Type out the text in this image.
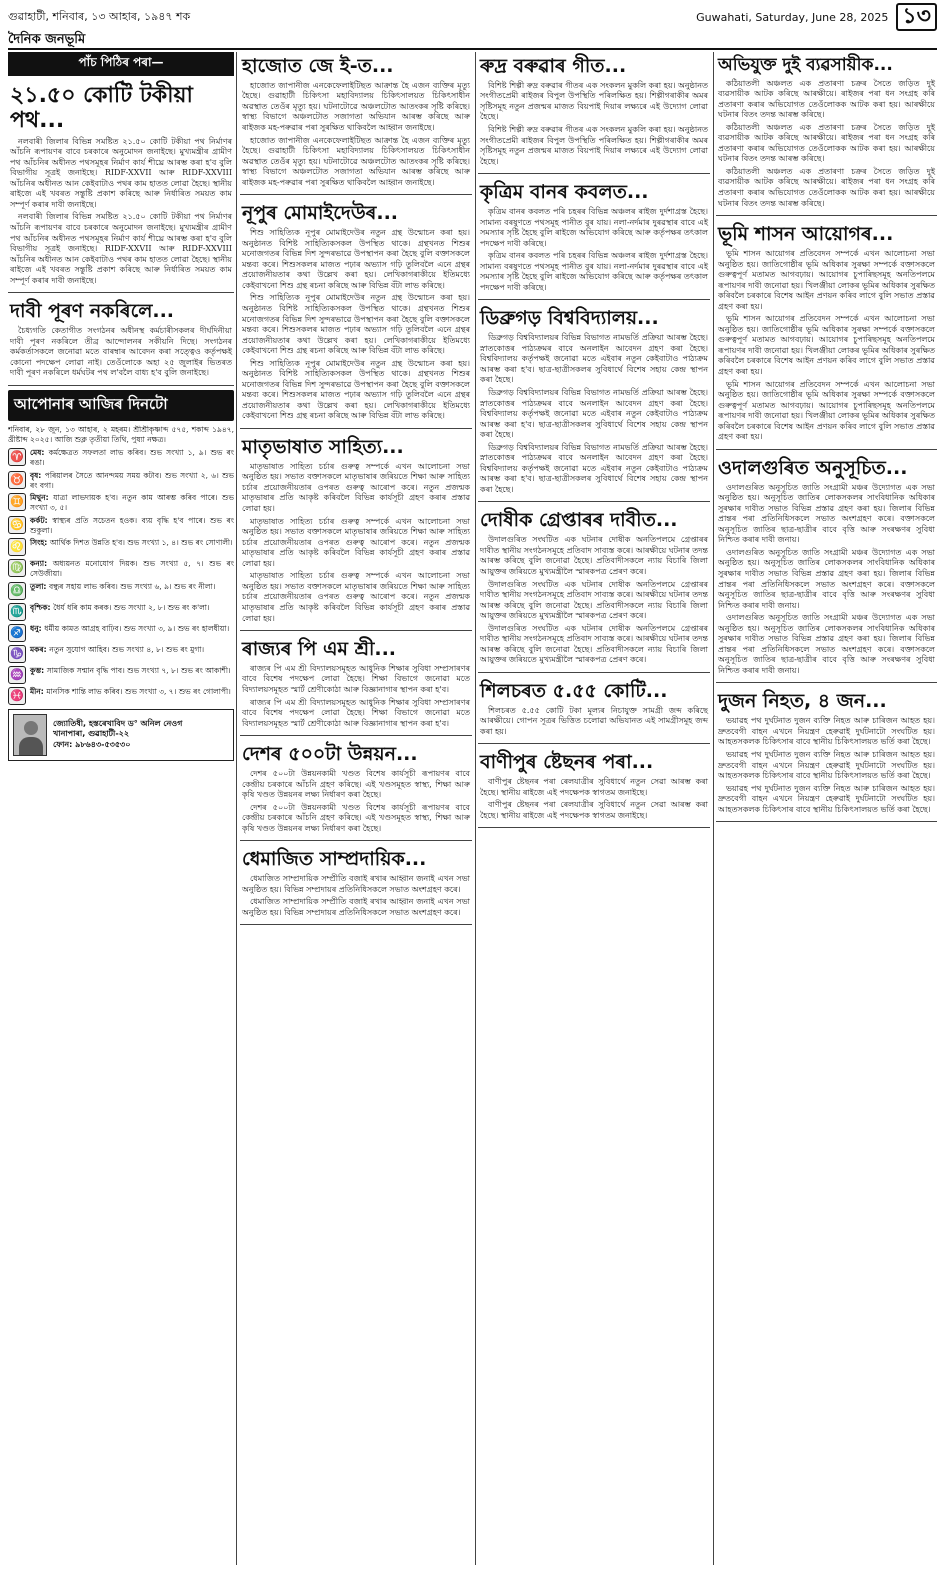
গুৱাহাটী, শনিবাৰ, ১৩ আহাৰ, ১৯৪৭ শক	Guwahati, Saturday, June 28, 2025 ১৩
দৈনিক জনভূমি
পাঁচ পিঠিৰ পৰা—
২১.৫০ কোটি টকীয়া পথ...

নলবাৰী জিলাৰ বিভিন্ন সমষ্টিত ২১.৫০ কোটি টকীয়া পথ নিৰ্মাণৰ আঁচনি ৰূপায়ণৰ বাবে চৰকাৰে অনুমোদন জনাইছে। মুখ্যমন্ত্ৰীৰ গ্ৰামীণ পথ আঁচনিৰ অধীনত পথসমূহৰ নিৰ্মাণ কাৰ্য শীঘ্ৰে আৰম্ভ কৰা হ'ব বুলি বিভাগীয় সূত্ৰই জনাইছে। RIDF-XXVII আৰু RIDF-XXVIII আঁচনিৰ অধীনত আন কেইবাটাও পথৰ কাম হাতত লোৱা হৈছে। স্থানীয় ৰাইজে এই খবৰত সন্তুষ্টি প্ৰকাশ কৰিছে আৰু নিৰ্ধাৰিত সময়ত কাম সম্পূৰ্ণ কৰাৰ দাবী জনাইছে।

নলবাৰী জিলাৰ বিভিন্ন সমষ্টিত ২১.৫০ কোটি টকীয়া পথ নিৰ্মাণৰ আঁচনি ৰূপায়ণৰ বাবে চৰকাৰে অনুমোদন জনাইছে। মুখ্যমন্ত্ৰীৰ গ্ৰামীণ পথ আঁচনিৰ অধীনত পথসমূহৰ নিৰ্মাণ কাৰ্য শীঘ্ৰে আৰম্ভ কৰা হ'ব বুলি বিভাগীয় সূত্ৰই জনাইছে। RIDF-XXVII আৰু RIDF-XXVIII আঁচনিৰ অধীনত আন কেইবাটাও পথৰ কাম হাতত লোৱা হৈছে। স্থানীয় ৰাইজে এই খবৰত সন্তুষ্টি প্ৰকাশ কৰিছে আৰু নিৰ্ধাৰিত সময়ত কাম সম্পূৰ্ণ কৰাৰ দাবী জনাইছে।

দাবী পূৰণ নকৰিলে...

চৈধ্যগতি কেতাগীত সংগঠনৰ অধীনস্থ কৰ্মচাৰীসকলৰ দীৰ্ঘদিনীয়া দাবী পূৰণ নকৰিলে তীব্ৰ আন্দোলনৰ সকীয়নি দিছে। সংগঠনৰ কৰ্মকৰ্তাসকলে জনোৱা মতে বাৰম্বাৰ আবেদন কৰা সত্ত্বেও কৰ্তৃপক্ষই কোনো পদক্ষেপ লোৱা নাই। তেওঁলোকে অহা ২৫ জুলাইৰ ভিতৰত দাবী পূৰণ নকৰিলে ধৰ্মঘটৰ পথ ল'বলৈ বাধ্য হ'ব বুলি জনাইছে।

আপোনাৰ আজিৰ দিনটো
শনিবাৰ, ২৮ জুন, ১৩ আহাৰ, ২ মহৰম। শ্ৰীশ্ৰীকৃষ্ণাব্দ ৫৭৫, শকাব্দ ১৯৪৭, খ্ৰীষ্টাব্দ ২০২৫। আজি শুক্ল তৃতীয়া তিথি, পুষ্যা নক্ষত্ৰ।
♈ মেষ: কৰ্মক্ষেত্ৰত সফলতা লাভ কৰিব। শুভ সংখ্যা ১, ৯। শুভ ৰং ৰঙা।
♉ বৃষ: পৰিয়ালৰ সৈতে আনন্দময় সময় কটাব। শুভ সংখ্যা ২, ৬। শুভ ৰং বগা।
♊ মিথুন: যাত্ৰা লাভদায়ক হ'ব। নতুন কাম আৰম্ভ কৰিব পাৰে। শুভ সংখ্যা ৩, ৫।
♋ কৰ্কট: স্বাস্থ্যৰ প্ৰতি সচেতন হওক। ব্যয় বৃদ্ধি হ'ব পাৰে। শুভ ৰং শুকুলা।
♌ সিংহ: আৰ্থিক দিশত উন্নতি হ'ব। শুভ সংখ্যা ১, ৪। শুভ ৰং সোণালী।
♍ কন্যা: অধ্যয়নত মনোযোগ দিয়ক। শুভ সংখ্যা ৫, ৭। শুভ ৰং সেউজীয়া।
♎ তুলা: বন্ধুৰ সহায় লাভ কৰিব। শুভ সংখ্যা ৬, ৯। শুভ ৰং নীলা।
♏ বৃশ্চিক: ধৈৰ্য ধৰি কাম কৰক। শুভ সংখ্যা ২, ৮। শুভ ৰং ক'লা।
♐ ধনু: ধৰ্মীয় কামত আগ্ৰহ বাঢ়িব। শুভ সংখ্যা ৩, ৯। শুভ ৰং হালধীয়া।
♑ মকৰ: নতুন সুযোগ আহিব। শুভ সংখ্যা ৪, ৮। শুভ ৰং মুগা।
♒ কুম্ভ: সামাজিক সন্মান বৃদ্ধি পাব। শুভ সংখ্যা ৭, ৮। শুভ ৰং আকাশী।
♓ মীন: মানসিক শান্তি লাভ কৰিব। শুভ সংখ্যা ৩, ৭। শুভ ৰং গোলাপী।
জ্যোতিষী, হস্তৰেখাবিদ ড° অনিল নেওগ
খানাপাৰা, গুৱাহাটী-২২
ফোন: ৯৮৬৪৩-৫৩৫৩০
হাজোত জে ই-ত...

হাজোত জাপানীজ এনকেফেলাইটিছত আক্ৰান্ত হৈ এজন ব্যক্তিৰ মৃত্যু হৈছে। গুৱাহাটী চিকিৎসা মহাবিদ্যালয় চিকিৎসালয়ত চিকিৎসাধীন অৱস্থাত তেওঁৰ মৃত্যু হয়। ঘটনাটোৱে অঞ্চলটোত আতংকৰ সৃষ্টি কৰিছে। স্বাস্থ্য বিভাগে অঞ্চলটোত সজাগতা অভিযান আৰম্ভ কৰিছে আৰু ৰাইজক মহ-পৰুৱাৰ পৰা সুৰক্ষিত থাকিবলৈ আহ্বান জনাইছে।

হাজোত জাপানীজ এনকেফেলাইটিছত আক্ৰান্ত হৈ এজন ব্যক্তিৰ মৃত্যু হৈছে। গুৱাহাটী চিকিৎসা মহাবিদ্যালয় চিকিৎসালয়ত চিকিৎসাধীন অৱস্থাত তেওঁৰ মৃত্যু হয়। ঘটনাটোৱে অঞ্চলটোত আতংকৰ সৃষ্টি কৰিছে। স্বাস্থ্য বিভাগে অঞ্চলটোত সজাগতা অভিযান আৰম্ভ কৰিছে আৰু ৰাইজক মহ-পৰুৱাৰ পৰা সুৰক্ষিত থাকিবলৈ আহ্বান জনাইছে।

নূপুৰ মোমাইদেউৰ...

শিশু সাহিত্যিক নূপুৰ মোমাইদেউৰ নতুন গ্ৰন্থ উন্মোচন কৰা হয়। অনুষ্ঠানত বিশিষ্ট সাহিত্যিকসকল উপস্থিত থাকে। গ্ৰন্থখনত শিশুৰ মনোজগতৰ বিভিন্ন দিশ সুন্দৰভাৱে উপস্থাপন কৰা হৈছে বুলি বক্তাসকলে মন্তব্য কৰে। শিশুসকলৰ মাজত পঢ়াৰ অভ্যাস গঢ়ি তুলিবলৈ এনে গ্ৰন্থৰ প্ৰয়োজনীয়তাৰ কথা উল্লেখ কৰা হয়। লেখিকাগৰাকীয়ে ইতিমধ্যে কেইবাখনো শিশু গ্ৰন্থ ৰচনা কৰিছে আৰু বিভিন্ন বঁটা লাভ কৰিছে।

শিশু সাহিত্যিক নূপুৰ মোমাইদেউৰ নতুন গ্ৰন্থ উন্মোচন কৰা হয়। অনুষ্ঠানত বিশিষ্ট সাহিত্যিকসকল উপস্থিত থাকে। গ্ৰন্থখনত শিশুৰ মনোজগতৰ বিভিন্ন দিশ সুন্দৰভাৱে উপস্থাপন কৰা হৈছে বুলি বক্তাসকলে মন্তব্য কৰে। শিশুসকলৰ মাজত পঢ়াৰ অভ্যাস গঢ়ি তুলিবলৈ এনে গ্ৰন্থৰ প্ৰয়োজনীয়তাৰ কথা উল্লেখ কৰা হয়। লেখিকাগৰাকীয়ে ইতিমধ্যে কেইবাখনো শিশু গ্ৰন্থ ৰচনা কৰিছে আৰু বিভিন্ন বঁটা লাভ কৰিছে।

শিশু সাহিত্যিক নূপুৰ মোমাইদেউৰ নতুন গ্ৰন্থ উন্মোচন কৰা হয়। অনুষ্ঠানত বিশিষ্ট সাহিত্যিকসকল উপস্থিত থাকে। গ্ৰন্থখনত শিশুৰ মনোজগতৰ বিভিন্ন দিশ সুন্দৰভাৱে উপস্থাপন কৰা হৈছে বুলি বক্তাসকলে মন্তব্য কৰে। শিশুসকলৰ মাজত পঢ়াৰ অভ্যাস গঢ়ি তুলিবলৈ এনে গ্ৰন্থৰ প্ৰয়োজনীয়তাৰ কথা উল্লেখ কৰা হয়। লেখিকাগৰাকীয়ে ইতিমধ্যে কেইবাখনো শিশু গ্ৰন্থ ৰচনা কৰিছে আৰু বিভিন্ন বঁটা লাভ কৰিছে।

মাতৃভাষাত সাহিত্য...

মাতৃভাষাত সাহিত্য চৰ্চাৰ গুৰুত্ব সম্পৰ্কে এখন আলোচনা সভা অনুষ্ঠিত হয়। সভাত বক্তাসকলে মাতৃভাষাৰ জৰিয়তে শিক্ষা আৰু সাহিত্য চৰ্চাৰ প্ৰয়োজনীয়তাৰ ওপৰত গুৰুত্ব আৰোপ কৰে। নতুন প্ৰজন্মক মাতৃভাষাৰ প্ৰতি আকৃষ্ট কৰিবলৈ বিভিন্ন কাৰ্যসূচী গ্ৰহণ কৰাৰ প্ৰস্তাৱ লোৱা হয়।

মাতৃভাষাত সাহিত্য চৰ্চাৰ গুৰুত্ব সম্পৰ্কে এখন আলোচনা সভা অনুষ্ঠিত হয়। সভাত বক্তাসকলে মাতৃভাষাৰ জৰিয়তে শিক্ষা আৰু সাহিত্য চৰ্চাৰ প্ৰয়োজনীয়তাৰ ওপৰত গুৰুত্ব আৰোপ কৰে। নতুন প্ৰজন্মক মাতৃভাষাৰ প্ৰতি আকৃষ্ট কৰিবলৈ বিভিন্ন কাৰ্যসূচী গ্ৰহণ কৰাৰ প্ৰস্তাৱ লোৱা হয়।

মাতৃভাষাত সাহিত্য চৰ্চাৰ গুৰুত্ব সম্পৰ্কে এখন আলোচনা সভা অনুষ্ঠিত হয়। সভাত বক্তাসকলে মাতৃভাষাৰ জৰিয়তে শিক্ষা আৰু সাহিত্য চৰ্চাৰ প্ৰয়োজনীয়তাৰ ওপৰত গুৰুত্ব আৰোপ কৰে। নতুন প্ৰজন্মক মাতৃভাষাৰ প্ৰতি আকৃষ্ট কৰিবলৈ বিভিন্ন কাৰ্যসূচী গ্ৰহণ কৰাৰ প্ৰস্তাৱ লোৱা হয়।

ৰাজ্যৰ পি এম শ্ৰী...

ৰাজ্যৰ পি এম শ্ৰী বিদ্যালয়সমূহত আধুনিক শিক্ষাৰ সুবিধা সম্প্ৰসাৰণৰ বাবে বিশেষ পদক্ষেপ লোৱা হৈছে। শিক্ষা বিভাগে জনোৱা মতে বিদ্যালয়সমূহত স্মাৰ্ট শ্ৰেণীকোঠা আৰু বিজ্ঞানাগাৰ স্থাপন কৰা হ'ব।

ৰাজ্যৰ পি এম শ্ৰী বিদ্যালয়সমূহত আধুনিক শিক্ষাৰ সুবিধা সম্প্ৰসাৰণৰ বাবে বিশেষ পদক্ষেপ লোৱা হৈছে। শিক্ষা বিভাগে জনোৱা মতে বিদ্যালয়সমূহত স্মাৰ্ট শ্ৰেণীকোঠা আৰু বিজ্ঞানাগাৰ স্থাপন কৰা হ'ব।

দেশৰ ৫০০টা উন্নয়ন...

দেশৰ ৫০০টা উন্নয়নকামী খণ্ডত বিশেষ কাৰ্যসূচী ৰূপায়ণৰ বাবে কেন্দ্ৰীয় চৰকাৰে আঁচনি গ্ৰহণ কৰিছে। এই খণ্ডসমূহত স্বাস্থ্য, শিক্ষা আৰু কৃষি খণ্ডত উন্নয়নৰ লক্ষ্য নিৰ্ধাৰণ কৰা হৈছে।

দেশৰ ৫০০টা উন্নয়নকামী খণ্ডত বিশেষ কাৰ্যসূচী ৰূপায়ণৰ বাবে কেন্দ্ৰীয় চৰকাৰে আঁচনি গ্ৰহণ কৰিছে। এই খণ্ডসমূহত স্বাস্থ্য, শিক্ষা আৰু কৃষি খণ্ডত উন্নয়নৰ লক্ষ্য নিৰ্ধাৰণ কৰা হৈছে।

ধেমাজিত সাম্প্ৰদায়িক...

ধেমাজিত সাম্প্ৰদায়িক সম্প্ৰীতি বজাই ৰখাৰ আহ্বান জনাই এখন সভা অনুষ্ঠিত হয়। বিভিন্ন সম্প্ৰদায়ৰ প্ৰতিনিধিসকলে সভাত অংশগ্ৰহণ কৰে।

ধেমাজিত সাম্প্ৰদায়িক সম্প্ৰীতি বজাই ৰখাৰ আহ্বান জনাই এখন সভা অনুষ্ঠিত হয়। বিভিন্ন সম্প্ৰদায়ৰ প্ৰতিনিধিসকলে সভাত অংশগ্ৰহণ কৰে।

ৰুদ্ৰ বৰুৱাৰ গীত...

বিশিষ্ট শিল্পী ৰুদ্ৰ বৰুৱাৰ গীতৰ এক সংকলন মুকলি কৰা হয়। অনুষ্ঠানত সংগীতপ্ৰেমী ৰাইজৰ বিপুল উপস্থিতি পৰিলক্ষিত হয়। শিল্পীগৰাকীৰ অমৰ সৃষ্টিসমূহ নতুন প্ৰজন্মৰ মাজত বিয়পাই দিয়াৰ লক্ষ্যৰে এই উদ্যোগ লোৱা হৈছে।

বিশিষ্ট শিল্পী ৰুদ্ৰ বৰুৱাৰ গীতৰ এক সংকলন মুকলি কৰা হয়। অনুষ্ঠানত সংগীতপ্ৰেমী ৰাইজৰ বিপুল উপস্থিতি পৰিলক্ষিত হয়। শিল্পীগৰাকীৰ অমৰ সৃষ্টিসমূহ নতুন প্ৰজন্মৰ মাজত বিয়পাই দিয়াৰ লক্ষ্যৰে এই উদ্যোগ লোৱা হৈছে।

কৃত্ৰিম বানৰ কবলত...

কৃত্ৰিম বানৰ কবলত পৰি চহৰৰ বিভিন্ন অঞ্চলৰ ৰাইজ দুৰ্দশাগ্ৰস্ত হৈছে। সামান্য বৰষুণতে পথসমূহ পানীত বুৰ যায়। নলা-নৰ্দমাৰ দুৰৱস্থাৰ বাবে এই সমস্যাৰ সৃষ্টি হৈছে বুলি ৰাইজে অভিযোগ কৰিছে আৰু কৰ্তৃপক্ষৰ তৎকাল পদক্ষেপ দাবী কৰিছে।

কৃত্ৰিম বানৰ কবলত পৰি চহৰৰ বিভিন্ন অঞ্চলৰ ৰাইজ দুৰ্দশাগ্ৰস্ত হৈছে। সামান্য বৰষুণতে পথসমূহ পানীত বুৰ যায়। নলা-নৰ্দমাৰ দুৰৱস্থাৰ বাবে এই সমস্যাৰ সৃষ্টি হৈছে বুলি ৰাইজে অভিযোগ কৰিছে আৰু কৰ্তৃপক্ষৰ তৎকাল পদক্ষেপ দাবী কৰিছে।

ডিব্ৰুগড় বিশ্ববিদ্যালয়...

ডিব্ৰুগড় বিশ্ববিদ্যালয়ৰ বিভিন্ন বিভাগত নামভৰ্তি প্ৰক্ৰিয়া আৰম্ভ হৈছে। স্নাতকোত্তৰ পাঠ্যক্ৰমৰ বাবে অনলাইন আবেদন গ্ৰহণ কৰা হৈছে। বিশ্ববিদ্যালয় কৰ্তৃপক্ষই জনোৱা মতে এইবাৰ নতুন কেইবাটাও পাঠ্যক্ৰম আৰম্ভ কৰা হ'ব। ছাত্ৰ-ছাত্ৰীসকলৰ সুবিধাৰ্থে বিশেষ সহায় কেন্দ্ৰ স্থাপন কৰা হৈছে।

ডিব্ৰুগড় বিশ্ববিদ্যালয়ৰ বিভিন্ন বিভাগত নামভৰ্তি প্ৰক্ৰিয়া আৰম্ভ হৈছে। স্নাতকোত্তৰ পাঠ্যক্ৰমৰ বাবে অনলাইন আবেদন গ্ৰহণ কৰা হৈছে। বিশ্ববিদ্যালয় কৰ্তৃপক্ষই জনোৱা মতে এইবাৰ নতুন কেইবাটাও পাঠ্যক্ৰম আৰম্ভ কৰা হ'ব। ছাত্ৰ-ছাত্ৰীসকলৰ সুবিধাৰ্থে বিশেষ সহায় কেন্দ্ৰ স্থাপন কৰা হৈছে।

ডিব্ৰুগড় বিশ্ববিদ্যালয়ৰ বিভিন্ন বিভাগত নামভৰ্তি প্ৰক্ৰিয়া আৰম্ভ হৈছে। স্নাতকোত্তৰ পাঠ্যক্ৰমৰ বাবে অনলাইন আবেদন গ্ৰহণ কৰা হৈছে। বিশ্ববিদ্যালয় কৰ্তৃপক্ষই জনোৱা মতে এইবাৰ নতুন কেইবাটাও পাঠ্যক্ৰম আৰম্ভ কৰা হ'ব। ছাত্ৰ-ছাত্ৰীসকলৰ সুবিধাৰ্থে বিশেষ সহায় কেন্দ্ৰ স্থাপন কৰা হৈছে।

দোষীক গ্ৰেপ্তাৰৰ দাবীত...

উদালগুৰিত সংঘটিত এক ঘটনাৰ দোষীক অনতিপলমে গ্ৰেপ্তাৰৰ দাবীত স্থানীয় সংগঠনসমূহে প্ৰতিবাদ সাব্যস্ত কৰে। আৰক্ষীয়ে ঘটনাৰ তদন্ত আৰম্ভ কৰিছে বুলি জনোৱা হৈছে। প্ৰতিবাদীসকলে ন্যায় বিচাৰি জিলা আয়ুক্তৰ জৰিয়তে মুখ্যমন্ত্ৰীলৈ স্মাৰকপত্ৰ প্ৰেৰণ কৰে।

উদালগুৰিত সংঘটিত এক ঘটনাৰ দোষীক অনতিপলমে গ্ৰেপ্তাৰৰ দাবীত স্থানীয় সংগঠনসমূহে প্ৰতিবাদ সাব্যস্ত কৰে। আৰক্ষীয়ে ঘটনাৰ তদন্ত আৰম্ভ কৰিছে বুলি জনোৱা হৈছে। প্ৰতিবাদীসকলে ন্যায় বিচাৰি জিলা আয়ুক্তৰ জৰিয়তে মুখ্যমন্ত্ৰীলৈ স্মাৰকপত্ৰ প্ৰেৰণ কৰে।

উদালগুৰিত সংঘটিত এক ঘটনাৰ দোষীক অনতিপলমে গ্ৰেপ্তাৰৰ দাবীত স্থানীয় সংগঠনসমূহে প্ৰতিবাদ সাব্যস্ত কৰে। আৰক্ষীয়ে ঘটনাৰ তদন্ত আৰম্ভ কৰিছে বুলি জনোৱা হৈছে। প্ৰতিবাদীসকলে ন্যায় বিচাৰি জিলা আয়ুক্তৰ জৰিয়তে মুখ্যমন্ত্ৰীলৈ স্মাৰকপত্ৰ প্ৰেৰণ কৰে।

শিলচৰত ৫.৫৫ কোটি...

শিলচৰত ৫.৫৫ কোটি টকা মূল্যৰ নিচাযুক্ত সামগ্ৰী জব্দ কৰিছে আৰক্ষীয়ে। গোপন সূত্ৰৰ ভিত্তিত চলোৱা অভিযানত এই সামগ্ৰীসমূহ জব্দ কৰা হয়।

বাণীপুৰ ষ্টেছনৰ পৰা...

বাণীপুৰ ষ্টেছনৰ পৰা ৰেলযাত্ৰীৰ সুবিধাৰ্থে নতুন সেৱা আৰম্ভ কৰা হৈছে। স্থানীয় ৰাইজে এই পদক্ষেপক স্বাগতম জনাইছে।

বাণীপুৰ ষ্টেছনৰ পৰা ৰেলযাত্ৰীৰ সুবিধাৰ্থে নতুন সেৱা আৰম্ভ কৰা হৈছে। স্থানীয় ৰাইজে এই পদক্ষেপক স্বাগতম জনাইছে।

অভিযুক্ত দুই ব্যৱসায়ীক...

কঠিয়াতলী অঞ্চলত এক প্ৰতাৰণা চক্ৰৰ সৈতে জড়িত দুই ব্যৱসায়ীক আটক কৰিছে আৰক্ষীয়ে। ৰাইজৰ পৰা ধন সংগ্ৰহ কৰি প্ৰতাৰণা কৰাৰ অভিযোগত তেওঁলোকক আটক কৰা হয়। আৰক্ষীয়ে ঘটনাৰ বিতং তদন্ত আৰম্ভ কৰিছে।

কঠিয়াতলী অঞ্চলত এক প্ৰতাৰণা চক্ৰৰ সৈতে জড়িত দুই ব্যৱসায়ীক আটক কৰিছে আৰক্ষীয়ে। ৰাইজৰ পৰা ধন সংগ্ৰহ কৰি প্ৰতাৰণা কৰাৰ অভিযোগত তেওঁলোকক আটক কৰা হয়। আৰক্ষীয়ে ঘটনাৰ বিতং তদন্ত আৰম্ভ কৰিছে।

কঠিয়াতলী অঞ্চলত এক প্ৰতাৰণা চক্ৰৰ সৈতে জড়িত দুই ব্যৱসায়ীক আটক কৰিছে আৰক্ষীয়ে। ৰাইজৰ পৰা ধন সংগ্ৰহ কৰি প্ৰতাৰণা কৰাৰ অভিযোগত তেওঁলোকক আটক কৰা হয়। আৰক্ষীয়ে ঘটনাৰ বিতং তদন্ত আৰম্ভ কৰিছে।

ভূমি শাসন আয়োগৰ...

ভূমি শাসন আয়োগৰ প্ৰতিবেদন সম্পৰ্কে এখন আলোচনা সভা অনুষ্ঠিত হয়। জাতিগোষ্ঠীৰ ভূমি অধিকাৰ সুৰক্ষা সম্পৰ্কে বক্তাসকলে গুৰুত্বপূৰ্ণ মতামত আগবঢ়ায়। আয়োগৰ চুপাৰিছসমূহ অনতিপলমে ৰূপায়ণৰ দাবী জনোৱা হয়। খিলঞ্জীয়া লোকৰ ভূমিৰ অধিকাৰ সুৰক্ষিত কৰিবলৈ চৰকাৰে বিশেষ আইন প্ৰণয়ন কৰিব লাগে বুলি সভাত প্ৰস্তাৱ গ্ৰহণ কৰা হয়।

ভূমি শাসন আয়োগৰ প্ৰতিবেদন সম্পৰ্কে এখন আলোচনা সভা অনুষ্ঠিত হয়। জাতিগোষ্ঠীৰ ভূমি অধিকাৰ সুৰক্ষা সম্পৰ্কে বক্তাসকলে গুৰুত্বপূৰ্ণ মতামত আগবঢ়ায়। আয়োগৰ চুপাৰিছসমূহ অনতিপলমে ৰূপায়ণৰ দাবী জনোৱা হয়। খিলঞ্জীয়া লোকৰ ভূমিৰ অধিকাৰ সুৰক্ষিত কৰিবলৈ চৰকাৰে বিশেষ আইন প্ৰণয়ন কৰিব লাগে বুলি সভাত প্ৰস্তাৱ গ্ৰহণ কৰা হয়।

ভূমি শাসন আয়োগৰ প্ৰতিবেদন সম্পৰ্কে এখন আলোচনা সভা অনুষ্ঠিত হয়। জাতিগোষ্ঠীৰ ভূমি অধিকাৰ সুৰক্ষা সম্পৰ্কে বক্তাসকলে গুৰুত্বপূৰ্ণ মতামত আগবঢ়ায়। আয়োগৰ চুপাৰিছসমূহ অনতিপলমে ৰূপায়ণৰ দাবী জনোৱা হয়। খিলঞ্জীয়া লোকৰ ভূমিৰ অধিকাৰ সুৰক্ষিত কৰিবলৈ চৰকাৰে বিশেষ আইন প্ৰণয়ন কৰিব লাগে বুলি সভাত প্ৰস্তাৱ গ্ৰহণ কৰা হয়।

ওদালগুৰিত অনুসূচিত...

ওদালগুৰিত অনুসূচিত জাতি সংগ্ৰামী মঞ্চৰ উদ্যোগত এক সভা অনুষ্ঠিত হয়। অনুসূচিত জাতিৰ লোকসকলৰ সাংবিধানিক অধিকাৰ সুৰক্ষাৰ দাবীত সভাত বিভিন্ন প্ৰস্তাৱ গ্ৰহণ কৰা হয়। জিলাৰ বিভিন্ন প্ৰান্তৰ পৰা প্ৰতিনিধিসকলে সভাত অংশগ্ৰহণ কৰে। বক্তাসকলে অনুসূচিত জাতিৰ ছাত্ৰ-ছাত্ৰীৰ বাবে বৃত্তি আৰু সংৰক্ষণৰ সুবিধা নিশ্চিত কৰাৰ দাবী জনায়।

ওদালগুৰিত অনুসূচিত জাতি সংগ্ৰামী মঞ্চৰ উদ্যোগত এক সভা অনুষ্ঠিত হয়। অনুসূচিত জাতিৰ লোকসকলৰ সাংবিধানিক অধিকাৰ সুৰক্ষাৰ দাবীত সভাত বিভিন্ন প্ৰস্তাৱ গ্ৰহণ কৰা হয়। জিলাৰ বিভিন্ন প্ৰান্তৰ পৰা প্ৰতিনিধিসকলে সভাত অংশগ্ৰহণ কৰে। বক্তাসকলে অনুসূচিত জাতিৰ ছাত্ৰ-ছাত্ৰীৰ বাবে বৃত্তি আৰু সংৰক্ষণৰ সুবিধা নিশ্চিত কৰাৰ দাবী জনায়।

ওদালগুৰিত অনুসূচিত জাতি সংগ্ৰামী মঞ্চৰ উদ্যোগত এক সভা অনুষ্ঠিত হয়। অনুসূচিত জাতিৰ লোকসকলৰ সাংবিধানিক অধিকাৰ সুৰক্ষাৰ দাবীত সভাত বিভিন্ন প্ৰস্তাৱ গ্ৰহণ কৰা হয়। জিলাৰ বিভিন্ন প্ৰান্তৰ পৰা প্ৰতিনিধিসকলে সভাত অংশগ্ৰহণ কৰে। বক্তাসকলে অনুসূচিত জাতিৰ ছাত্ৰ-ছাত্ৰীৰ বাবে বৃত্তি আৰু সংৰক্ষণৰ সুবিধা নিশ্চিত কৰাৰ দাবী জনায়।

দুজন নিহত, ৪ জন...

ভয়াৱহ পথ দুৰ্ঘটনাত দুজন ব্যক্তি নিহত আৰু চাৰিজন আহত হয়। দ্ৰুতবেগী বাহন এখনে নিয়ন্ত্ৰণ হেৰুৱাই দুৰ্ঘটনাটো সংঘটিত হয়। আহতসকলক চিকিৎসাৰ বাবে স্থানীয় চিকিৎসালয়ত ভৰ্তি কৰা হৈছে।

ভয়াৱহ পথ দুৰ্ঘটনাত দুজন ব্যক্তি নিহত আৰু চাৰিজন আহত হয়। দ্ৰুতবেগী বাহন এখনে নিয়ন্ত্ৰণ হেৰুৱাই দুৰ্ঘটনাটো সংঘটিত হয়। আহতসকলক চিকিৎসাৰ বাবে স্থানীয় চিকিৎসালয়ত ভৰ্তি কৰা হৈছে।

ভয়াৱহ পথ দুৰ্ঘটনাত দুজন ব্যক্তি নিহত আৰু চাৰিজন আহত হয়। দ্ৰুতবেগী বাহন এখনে নিয়ন্ত্ৰণ হেৰুৱাই দুৰ্ঘটনাটো সংঘটিত হয়। আহতসকলক চিকিৎসাৰ বাবে স্থানীয় চিকিৎসালয়ত ভৰ্তি কৰা হৈছে।
